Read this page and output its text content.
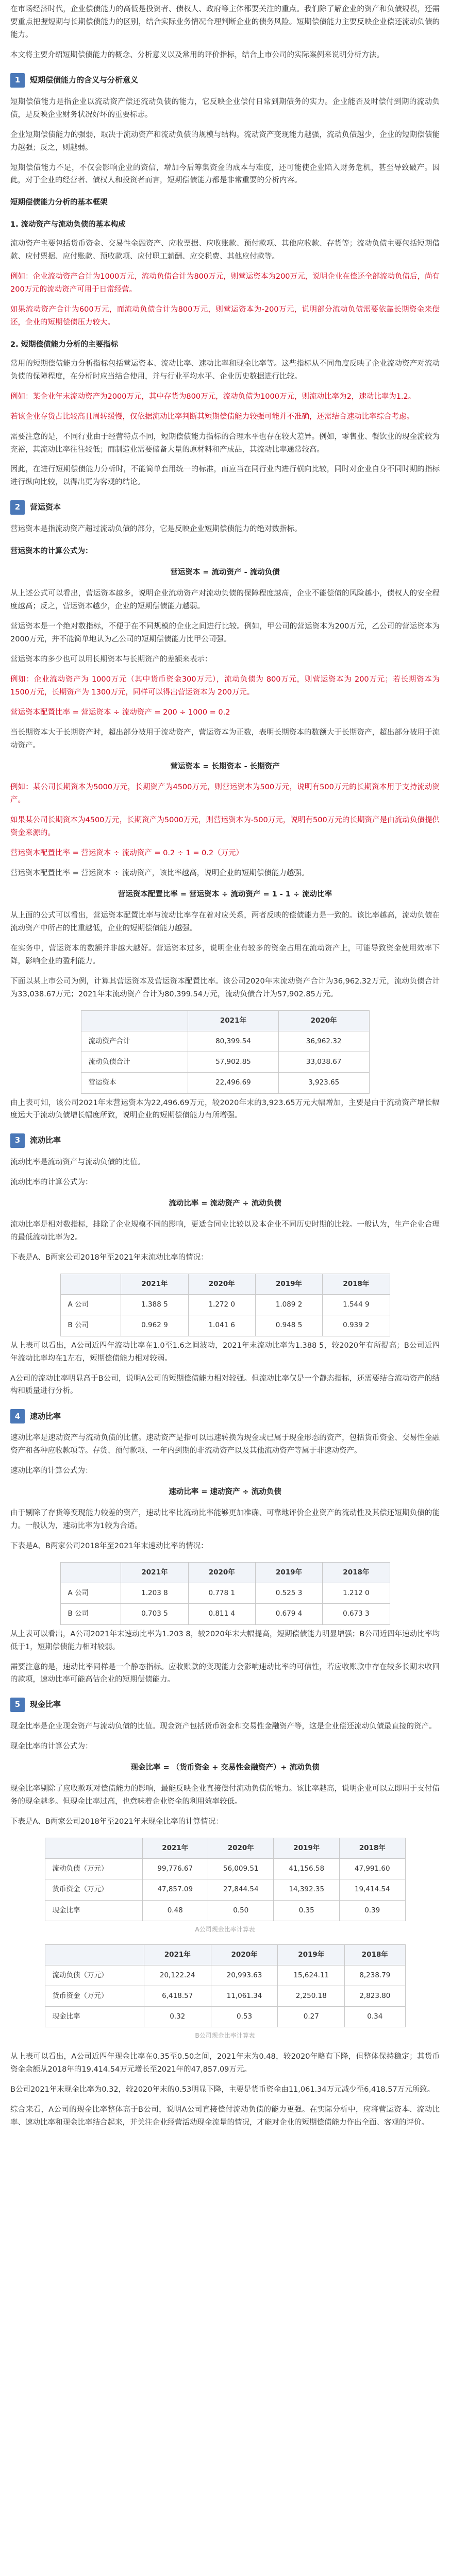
在市场经济时代，企业偿债能力的高低是投资者、债权人、政府等主体都要关注的重点。我们除了解企业的资产和负债规模，还需要重点把握短期与长期偿债能力的区别，结合实际业务情况合理判断企业的债务风险。短期偿债能力主要反映企业偿还流动负债的能力。

本文将主要介绍短期偿债能力的概念、分析意义以及常用的评价指标，结合上市公司的实际案例来说明分析方法。

1	短期偿债能力的含义与分析意义

短期偿债能力是指企业以流动资产偿还流动负债的能力，它反映企业偿付日常到期债务的实力。企业能否及时偿付到期的流动负债，是反映企业财务状况好坏的重要标志。

企业短期偿债能力的强弱，取决于流动资产和流动负债的规模与结构。流动资产变现能力越强，流动负债越少，企业的短期偿债能力越强；反之，则越弱。

短期偿债能力不足，不仅会影响企业的资信，增加今后筹集资金的成本与难度，还可能使企业陷入财务危机，甚至导致破产。因此，对于企业的经营者、债权人和投资者而言，短期偿债能力都是非常重要的分析内容。

短期偿债能力分析的基本框架
1. 流动资产与流动负债的基本构成

流动资产主要包括货币资金、交易性金融资产、应收票据、应收账款、预付款项、其他应收款、存货等；流动负债主要包括短期借款、应付票据、应付账款、预收款项、应付职工薪酬、应交税费、其他应付款等。

例如：企业流动资产合计为1000万元，流动负债合计为800万元，则营运资本为200万元，说明企业在偿还全部流动负债后，尚有200万元的流动资产可用于日常经营。

如果流动资产合计为600万元，而流动负债合计为800万元，则营运资本为-200万元，说明部分流动负债需要依靠长期资金来偿还，企业的短期偿债压力较大。

2. 短期偿债能力分析的主要指标

常用的短期偿债能力分析指标包括营运资本、流动比率、速动比率和现金比率等。这些指标从不同角度反映了企业流动资产对流动负债的保障程度，在分析时应当结合使用，并与行业平均水平、企业历史数据进行比较。

例如：某企业年末流动资产为2000万元，其中存货为800万元，流动负债为1000万元，则流动比率为2，速动比率为1.2。

若该企业存货占比较高且周转缓慢，仅依据流动比率判断其短期偿债能力较强可能并不准确，还需结合速动比率综合考虑。

需要注意的是，不同行业由于经营特点不同，短期偿债能力指标的合理水平也存在较大差异。例如，零售业、餐饮业的现金流较为充裕，其流动比率往往较低；而制造业需要储备大量的原材料和产成品，其流动比率通常较高。

因此，在进行短期偿债能力分析时，不能简单套用统一的标准，而应当在同行业内进行横向比较，同时对企业自身不同时期的指标进行纵向比较，以得出更为客观的结论。

2	营运资本

营运资本是指流动资产超过流动负债的部分，它是反映企业短期偿债能力的绝对数指标。

营运资本的计算公式为：
营运资本 = 流动资产 - 流动负债

从上述公式可以看出，营运资本越多，说明企业流动资产对流动负债的保障程度越高，企业不能偿债的风险越小，债权人的安全程度越高；反之，营运资本越少，企业的短期偿债能力越弱。

营运资本是一个绝对数指标，不便于在不同规模的企业之间进行比较。例如，甲公司的营运资本为200万元，乙公司的营运资本为2000万元，并不能简单地认为乙公司的短期偿债能力比甲公司强。

营运资本的多少也可以用长期资本与长期资产的差额来表示：

例如：企业流动资产为 1000万元（其中货币资金300万元），流动负债为 800万元，则营运资本为 200万元；若长期资本为 1500万元，长期资产为 1300万元，同样可以得出营运资本为 200万元。

营运资本配置比率 = 营运资本 ÷ 流动资产 = 200 ÷ 1000 = 0.2

当长期资本大于长期资产时，超出部分被用于流动资产，营运资本为正数，表明长期资本的数额大于长期资产，超出部分被用于流动资产。

营运资本 = 长期资本 - 长期资产

例如：某公司长期资本为5000万元，长期资产为4500万元，则营运资本为500万元，说明有500万元的长期资本用于支持流动资产。

如果某公司长期资本为4500万元，长期资产为5000万元，则营运资本为-500万元，说明有500万元的长期资产是由流动负债提供资金来源的。

营运资本配置比率 = 营运资本 ÷ 流动资产 = 0.2 ÷ 1 = 0.2（万元）

营运资本配置比率 = 营运资本 ÷ 流动资产，该比率越高，说明企业的短期偿债能力越强。

营运资本配置比率 = 营运资本 ÷ 流动资产 = 1 - 1 ÷ 流动比率

从上面的公式可以看出，营运资本配置比率与流动比率存在着对应关系，两者反映的偿债能力是一致的。该比率越高，流动负债在流动资产中所占的比重越低，企业的短期偿债能力越强。

在实务中，营运资本的数额并非越大越好。营运资本过多，说明企业有较多的资金占用在流动资产上，可能导致资金使用效率下降，影响企业的盈利能力。

下面以某上市公司为例，计算其营运资本及营运资本配置比率。该公司2020年末流动资产合计为36,962.32万元，流动负债合计为33,038.67万元；2021年末流动资产合计为80,399.54万元，流动负债合计为57,902.85万元。

	2021年	2020年
流动资产合计	80,399.54	36,962.32
流动负债合计	57,902.85	33,038.67
营运资本	22,496.69	3,923.65

由上表可知，该公司2021年末营运资本为22,496.69万元，较2020年末的3,923.65万元大幅增加，主要是由于流动资产增长幅度远大于流动负债增长幅度所致，说明企业的短期偿债能力有所增强。

3	流动比率

流动比率是流动资产与流动负债的比值。

流动比率的计算公式为：

流动比率 = 流动资产 ÷ 流动负债

流动比率是相对数指标，排除了企业规模不同的影响，更适合同业比较以及本企业不同历史时期的比较。一般认为，生产企业合理的最低流动比率为2。

下表是A、B两家公司2018年至2021年末流动比率的情况：

	2021年	2020年	2019年	2018年
A 公司	1.388 5	1.272 0	1.089 2	1.544 9
B 公司	0.962 9	1.041 6	0.948 5	0.939 2

从上表可以看出，A公司近四年流动比率在1.0至1.6之间波动，2021年末流动比率为1.388 5，较2020年有所提高；B公司近四年流动比率均在1左右，短期偿债能力相对较弱。

A公司的流动比率明显高于B公司，说明A公司的短期偿债能力相对较强。但流动比率仅是一个静态指标，还需要结合流动资产的结构和质量进行分析。

4	速动比率

速动比率是速动资产与流动负债的比值。速动资产是指可以迅速转换为现金或已属于现金形态的资产，包括货币资金、交易性金融资产和各种应收款项等。存货、预付款项、一年内到期的非流动资产以及其他流动资产等属于非速动资产。

速动比率的计算公式为：

速动比率 = 速动资产 ÷ 流动负债

由于剔除了存货等变现能力较差的资产，速动比率比流动比率能够更加准确、可靠地评价企业资产的流动性及其偿还短期负债的能力。一般认为，速动比率为1较为合适。

下表是A、B两家公司2018年至2021年末速动比率的情况：

	2021年	2020年	2019年	2018年
A 公司	1.203 8	0.778 1	0.525 3	1.212 0
B 公司	0.703 5	0.811 4	0.679 4	0.673 3

从上表可以看出，A公司2021年末速动比率为1.203 8，较2020年末大幅提高，短期偿债能力明显增强；B公司近四年速动比率均低于1，短期偿债能力相对较弱。

需要注意的是，速动比率同样是一个静态指标。应收账款的变现能力会影响速动比率的可信性，若应收账款中存在较多长期未收回的款项，速动比率可能高估企业的短期偿债能力。

5	现金比率

现金比率是企业现金资产与流动负债的比值。现金资产包括货币资金和交易性金融资产等，这是企业偿还流动负债最直接的资产。

现金比率的计算公式为：

现金比率 = （货币资金 + 交易性金融资产）÷ 流动负债

现金比率剔除了应收款项对偿债能力的影响，最能反映企业直接偿付流动负债的能力。该比率越高，说明企业可以立即用于支付债务的现金越多。但现金比率过高，也意味着企业资金的利用效率较低。

下表是A、B两家公司2018年至2021年末现金比率的计算情况：

	2021年	2020年	2019年	2018年
流动负债（万元）	99,776.67	56,009.51	41,156.58	47,991.60
货币资金（万元）	47,857.09	27,844.54	14,392.35	19,414.54
现金比率	0.48	0.50	0.35	0.39
A公司现金比率计算表
	2021年	2020年	2019年	2018年
流动负债（万元）	20,122.24	20,993.63	15,624.11	8,238.79
货币资金（万元）	6,418.57	11,061.34	2,250.18	2,823.80
现金比率	0.32	0.53	0.27	0.34
B公司现金比率计算表

从上表可以看出，A公司近四年现金比率在0.35至0.50之间，2021年末为0.48，较2020年略有下降，但整体保持稳定；其货币资金余额从2018年的19,414.54万元增长至2021年的47,857.09万元。

B公司2021年末现金比率为0.32，较2020年末的0.53明显下降，主要是货币资金由11,061.34万元减少至6,418.57万元所致。

综合来看，A公司的现金比率整体高于B公司，说明A公司直接偿付流动负债的能力更强。在实际分析中，应将营运资本、流动比率、速动比率和现金比率结合起来，并关注企业经营活动现金流量的情况，才能对企业的短期偿债能力作出全面、客观的评价。
